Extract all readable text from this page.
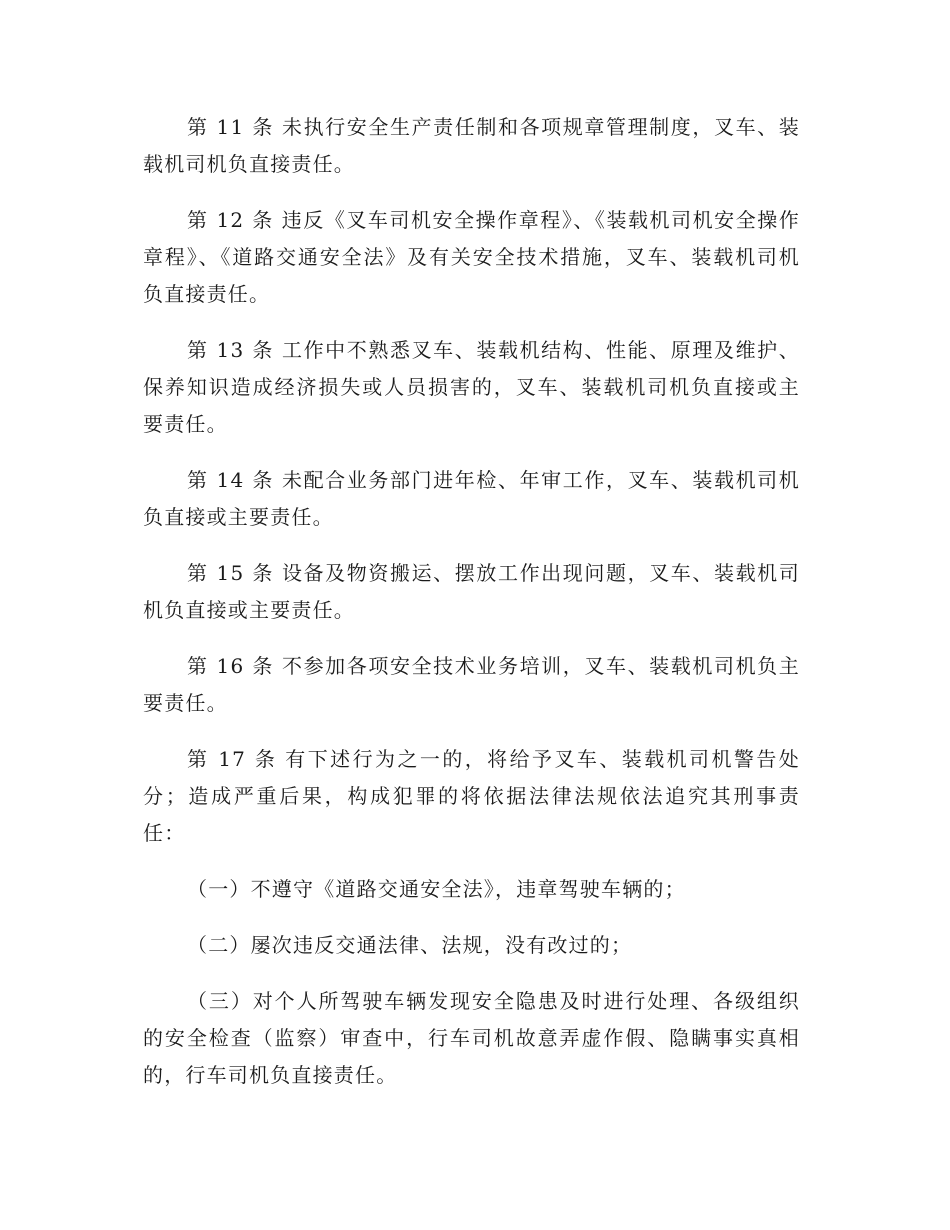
第 11 条 未执行安全生产责任制和各项规章管理制度，叉车、装载机司机负直接责任。

第 12 条 违反《叉车司机安全操作章程》、《装载机司机安全操作章程》、《道路交通安全法》及有关安全技术措施，叉车、装载机司机负直接责任。

第 13 条 工作中不熟悉叉车、装载机结构、性能、原理及维护、保养知识造成经济损失或人员损害的，叉车、装载机司机负直接或主要责任。

第 14 条 未配合业务部门进年检、年审工作，叉车、装载机司机负直接或主要责任。

第 15 条 设备及物资搬运、摆放工作出现问题，叉车、装载机司机负直接或主要责任。

第 16 条 不参加各项安全技术业务培训，叉车、装载机司机负主要责任。

第 17 条 有下述行为之一的，将给予叉车、装载机司机警告处分；造成严重后果，构成犯罪的将依据法律法规依法追究其刑事责任：

（一）不遵守《道路交通安全法》，违章驾驶车辆的；

（二）屡次违反交通法律、法规，没有改过的；

（三）对个人所驾驶车辆发现安全隐患及时进行处理、各级组织的安全检查（监察）审查中，行车司机故意弄虚作假、隐瞒事实真相的，行车司机负直接责任。
